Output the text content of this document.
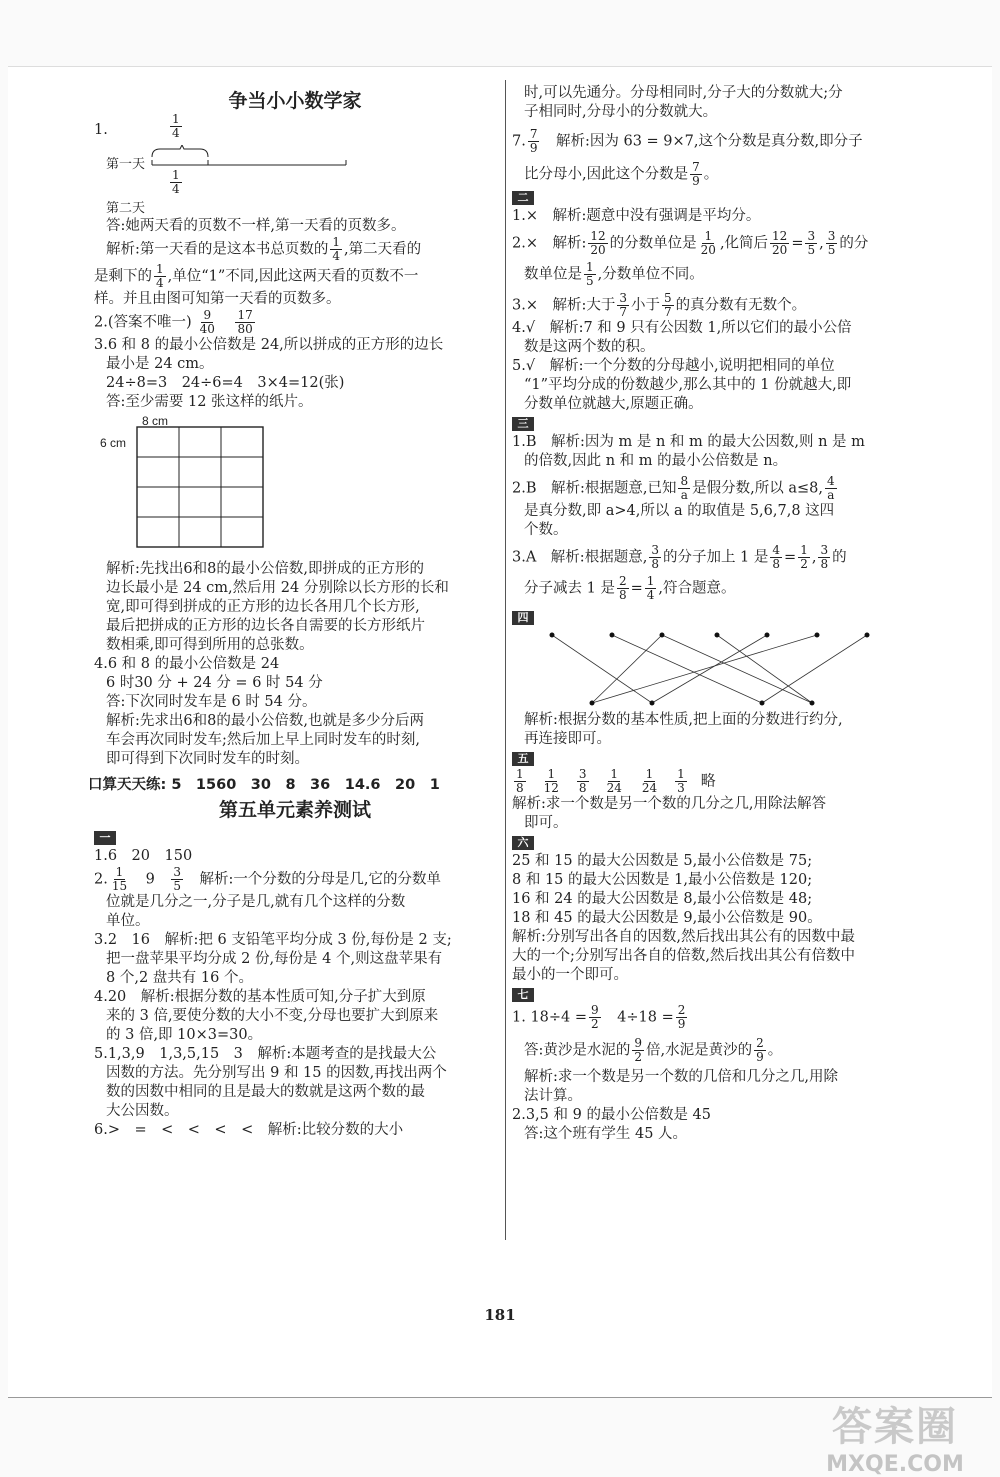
争当小小数学家
1.	$\frac{1}{4}$
第一天
$\frac{1}{4}$
第二天
答:她两天看的页数不一样,第一天看的页数多。
解析:第一天看的是这本书总页数的 $\frac{1}{4}$ ,第二天看的
是剩下的 $\frac{1}{4}$ ,单位“1”不同,因此这两天看的页数不一
样。并且由图可知第一天看的页数多。
2.(答案不唯一) $\frac{9}{40}$
　 $\frac{17}{80}$
3.6 和 8 的最小公倍数是 24,所以拼成的正方形的边长
最小是 24 cm。
24÷8=3　24÷6=4　3×4=12(张)
答:至少需要 12 张这样的纸片。
8 cm
6 cm
解析:先找出6和8的最小公倍数,即拼成的正方形的
边长最小是 24 cm,然后用 24 分别除以长方形的长和
宽,即可得到拼成的正方形的边长各用几个长方形,
最后把拼成的正方形的边长各自需要的长方形纸片
数相乘,即可得到所用的总张数。
4.6 和 8 的最小公倍数是 24
6 时30 分 + 24 分 = 6 时 54 分
答:下次同时发车是 6 时 54 分。
解析:先求出6和8的最小公倍数,也就是多少分后两
车会再次同时发车;然后加上早上同时发车的时刻,
即可得到下次同时发车的时刻。
口算天天练: 5　1560　30　8　36　14.6　20　1
第五单元素养测试
一
1.6　20　150
2. $\frac{1}{15}$
　 9　 $\frac{3}{5}$
　 解析:一个分数的分母是几,它的分数单
位就是几分之一,分子是几,就有几个这样的分数
单位。
3.2　16　解析:把 6 支铅笔平均分成 3 份,每份是 2 支;
把一盘苹果平均分成 2 份,每份是 4 个,则这盘苹果有
8 个,2 盘共有 16 个。
4.20　解析:根据分数的基本性质可知,分子扩大到原
来的 3 倍,要使分数的大小不变,分母也要扩大到原来
的 3 倍,即 10×3=30。
5.1,3,9　1,3,5,15　3　解析:本题考查的是找最大公
因数的方法。先分别写出 9 和 15 的因数,再找出两个
数的因数中相同的且是最大的数就是这两个数的最
大公因数。
6.>　=　<　<　<　<　解析:比较分数的大小
时,可以先通分。分母相同时,分子大的分数就大;分
子相同时,分母小的分数就大。
7. $\frac{7}{9}$
　 解析:因为 63 = 9×7,这个分数是真分数,即分子
比分母小,因此这个分数是 $\frac{7}{9}$ 。
二
1.×　解析:题意中没有强调是平均分。
2.×　解析: $\frac{12}{20}$ 的分数单位是 $\frac{1}{20}$ ,化简后 $\frac{12}{20} = \frac{3}{5}$ , $\frac{3}{5}$ 的分
数单位是 $\frac{1}{5}$ ,分数单位不同。
3.×　解析:大于 $\frac{3}{7}$ 小于 $\frac{5}{7}$ 的真分数有无数个。
4.√　解析:7 和 9 只有公因数 1,所以它们的最小公倍
数是这两个数的积。
5.√　解析:一个分数的分母越小,说明把相同的单位
“1”平均分成的份数越少,那么其中的 1 份就越大,即
分数单位就越大,原题正确。
三
1.B　解析:因为 m 是 n 和 m 的最大公因数,则 n 是 m
的倍数,因此 n 和 m 的最小公倍数是 n。
2.B　解析:根据题意,已知 $\frac{8}{a}$ 是假分数,所以 a≤8, $\frac{4}{a}$
是真分数,即 a>4,所以 a 的取值是 5,6,7,8 这四
个数。
3.A　解析:根据题意, $\frac{3}{8}$ 的分子加上 1 是 $\frac{4}{8} = \frac{1}{2}$ , $\frac{3}{8}$ 的
分子减去 1 是 $\frac{2}{8} = \frac{1}{4}$ ,符合题意。
四
解析:根据分数的基本性质,把上面的分数进行约分,
再连接即可。
五
$\frac{1}{8} \frac{1}{12} \frac{3}{8} \frac{1}{24} \frac{1}{24} \frac{1}{3}$ 略
解析:求一个数是另一个数的几分之几,用除法解答
即可。
六
25 和 15 的最大公因数是 5,最小公倍数是 75;
8 和 15 的最大公因数是 1,最小公倍数是 120;
16 和 24 的最大公因数是 8,最小公倍数是 48;
18 和 45 的最大公因数是 9,最小公倍数是 90。
解析:分别写出各自的因数,然后找出其公有的因数中最
大的一个;分别写出各自的倍数,然后找出其公有倍数中
最小的一个即可。
七
1. $18\div 4 = \frac{9}{2}$ 　$4\div 18 = \frac{2}{9}$
答:黄沙是水泥的 $\frac{9}{2}$ 倍,水泥是黄沙的 $\frac{2}{9}$ 。
解析:求一个数是另一个数的几倍和几分之几,用除
法计算。
2.3,5 和 9 的最小公倍数是 45
答:这个班有学生 45 人。
181
答案圈
MXQE.COM
